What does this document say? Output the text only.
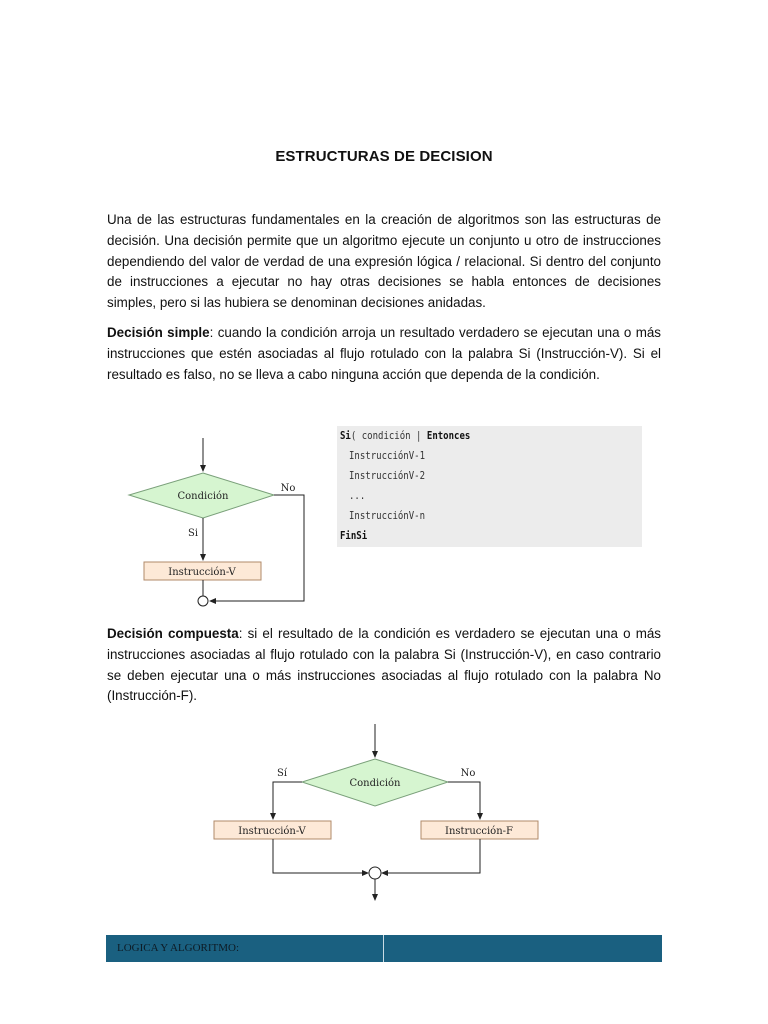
ESTRUCTURAS DE DECISION

Una de las estructuras fundamentales en la creación de algoritmos son las estructuras de decisión. Una decisión permite que un algoritmo ejecute un conjunto u otro de instrucciones dependiendo del valor de verdad de una expresión lógica / relacional. Si dentro del conjunto de instrucciones a ejecutar no hay otras decisiones se habla entonces de decisiones simples, pero si las hubiera se denominan decisiones anidadas.

Decisión simple: cuando la condición arroja un resultado verdadero se ejecutan una o más instrucciones que estén asociadas al flujo rotulado con la palabra Si (Instrucción-V). Si el resultado es falso, no se lleva a cabo ninguna acción que dependa de la condición.

Condición
No
Si
Instrucción-V
Si( condición | Entonces
InstrucciónV-1
InstrucciónV-2
...
InstrucciónV-n
FinSi

Decisión compuesta: si el resultado de la condición es verdadero se ejecutan una o más instrucciones asociadas al flujo rotulado con la palabra Si (Instrucción-V), en caso contrario se deben ejecutar una o más instrucciones asociadas al flujo rotulado con la palabra No (Instrucción-F).

Condición
Sí	No
Instrucción-V	Instrucción-F
LOGICA Y ALGORITMO:
